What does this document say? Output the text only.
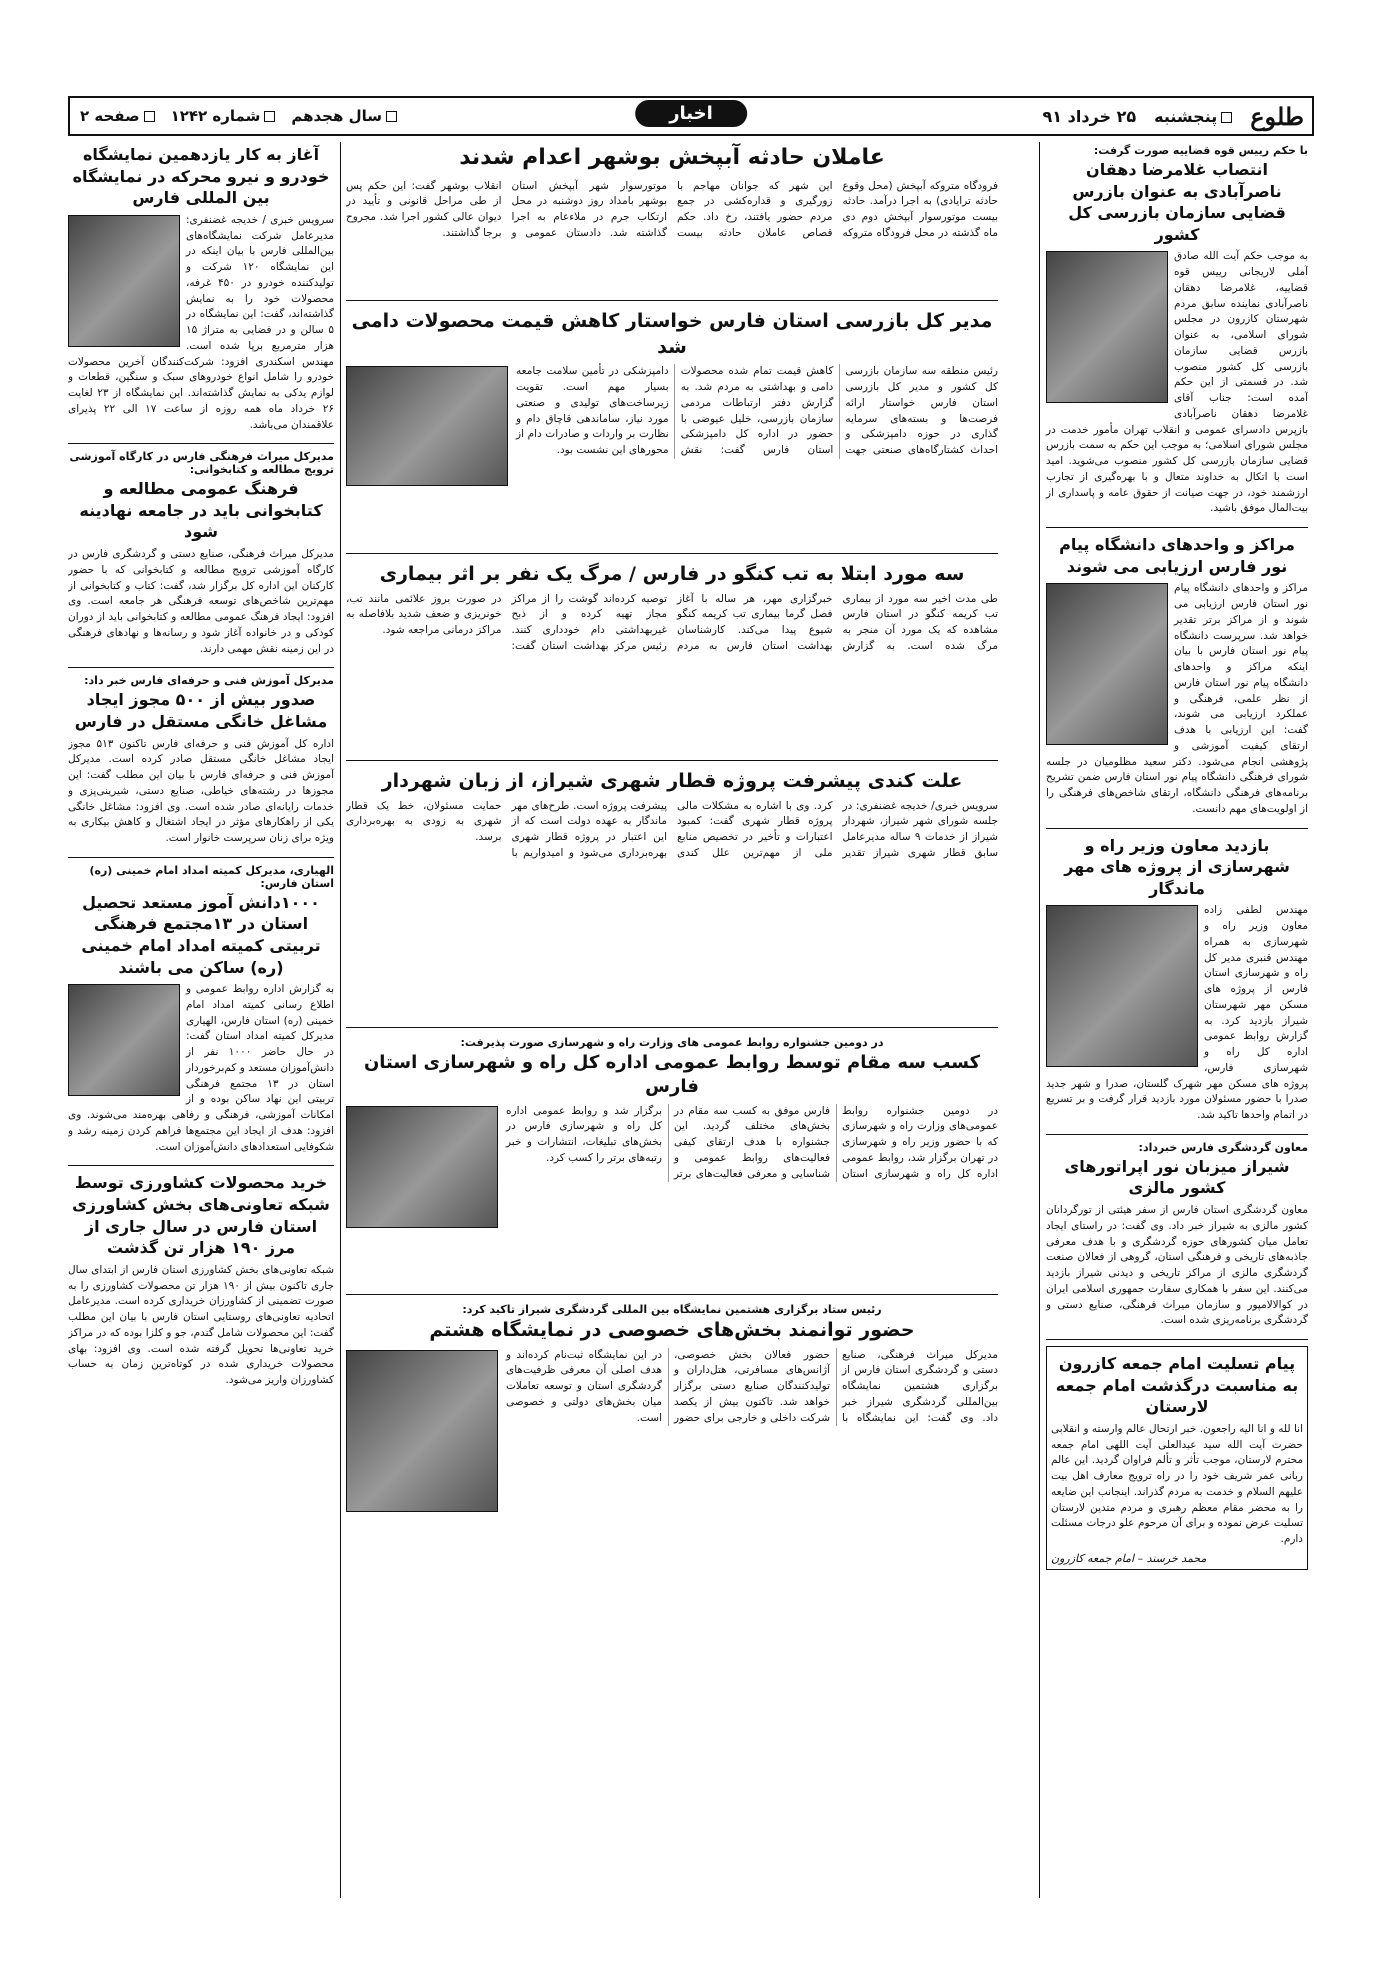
طلوع
پنجشنبه
۲۵ خرداد ۹۱
اخبار
سال هجدهم
شماره ۱۲۴۲
صفحه ۲
با حکم رییس قوه قضاییه صورت گرفت:
انتصاب غلامرضا دهقان ناصرآبادی به عنوان بازرس قضایی سازمان بازرسی کل کشور
به موجب حکم آیت الله صادق آملی لاریجانی رییس قوه قضاییه، غلامرضا دهقان ناصرآبادی نماینده سابق مردم شهرستان کازرون در مجلس شورای اسلامی، به عنوان بازرس قضایی سازمان بازرسی کل کشور منصوب شد. در قسمتی از این حکم آمده است: جناب آقای غلامرضا دهقان ناصرآبادی بازپرس دادسرای عمومی و انقلاب تهران مأمور خدمت در مجلس شورای اسلامی؛ به موجب این حکم به سمت بازرس قضایی سازمان بازرسی کل کشور منصوب می‌شوید. امید است با اتکال به خداوند متعال و با بهره‌گیری از تجارب ارزشمند خود، در جهت صیانت از حقوق عامه و پاسداری از بیت‌المال موفق باشید.
مراکز و واحدهای دانشگاه پیام نور فارس ارزیابی می شوند
مراکز و واحدهای دانشگاه پیام نور استان فارس ارزیابی می شوند و از مراکز برتر تقدیر خواهد شد. سرپرست دانشگاه پیام نور استان فارس با بیان اینکه مراکز و واحدهای دانشگاه پیام نور استان فارس از نظر علمی، فرهنگی و عملکرد ارزیابی می شوند، گفت: این ارزیابی با هدف ارتقای کیفیت آموزشی و پژوهشی انجام می‌شود. دکتر سعید مظلومیان در جلسه شورای فرهنگی دانشگاه پیام نور استان فارس ضمن تشریح برنامه‌های فرهنگی دانشگاه، ارتقای شاخص‌های فرهنگی را از اولویت‌های مهم دانست.
بازدید معاون وزیر راه و شهرسازی از پروژه های مهر ماندگار
مهندس لطفی زاده معاون وزیر راه و شهرسازی به همراه مهندس قنبری مدیر کل راه و شهرسازی استان فارس از پروژه های مسکن مهر شهرستان شیراز بازدید کرد. به گزارش روابط عمومی اداره کل راه و شهرسازی فارس، پروژه های مسکن مهر شهرک گلستان، صدرا و شهر جدید صدرا با حضور مسئولان مورد بازدید قرار گرفت و بر تسریع در اتمام واحدها تاکید شد.
معاون گردشگری فارس خبرداد:
شیراز میزبان نور اپراتورهای کشور مالزی
معاون گردشگری استان فارس از سفر هیئتی از تورگردانان کشور مالزی به شیراز خبر داد. وی گفت: در راستای ایجاد تعامل میان کشورهای حوزه گردشگری و با هدف معرفی جاذبه‌های تاریخی و فرهنگی استان، گروهی از فعالان صنعت گردشگری مالزی از مراکز تاریخی و دیدنی شیراز بازدید می‌کنند. این سفر با همکاری سفارت جمهوری اسلامی ایران در کوالالامپور و سازمان میراث فرهنگی، صنایع دستی و گردشگری برنامه‌ریزی شده است.
پیام تسلیت امام جمعه کازرون به مناسبت درگذشت امام جمعه لارستان
انا لله و انا الیه راجعون. خبر ارتحال عالم وارسته و انقلابی حضرت آیت الله سید عبدالعلی آیت اللهی امام جمعه محترم لارستان، موجب تأثر و تألم فراوان گردید. این عالم ربانی عمر شریف خود را در راه ترویج معارف اهل بیت علیهم السلام و خدمت به مردم گذراند. اینجانب این ضایعه را به محضر مقام معظم رهبری و مردم متدین لارستان تسلیت عرض نموده و برای آن مرحوم علو درجات مسئلت دارم.
محمد خرسند – امام جمعه کازرون
عاملان حادثه آبپخش بوشهر اعدام شدند
فرودگاه متروکه آبپخش (محل وقوع حادثه ترایادی) به اجرا درآمد. حادثه بیست موتورسوار آبپخش دوم دی ماه گذشته در محل فرودگاه متروکه این شهر که جوانان مهاجم با زورگیری و قداره‌کشی در جمع مردم حضور یافتند، رخ داد. حکم قصاص عاملان حادثه بیست موتورسوار شهر آبپخش استان بوشهر بامداد روز دوشنبه در محل ارتکاب جرم در ملاءعام به اجرا گذاشته شد. دادستان عمومی و انقلاب بوشهر گفت: این حکم پس از طی مراحل قانونی و تأیید در دیوان عالی کشور اجرا شد. مجروح برجا گذاشتند.
مدیر کل بازرسی استان فارس خواستار کاهش قیمت محصولات دامی شد
رئیس منطقه سه سازمان بازرسی کل کشور و مدیر کل بازرسی استان فارس خواستار ارائه فرصت‌ها و بسته‌های سرمایه گذاری در حوزه دامپزشکی و احداث کشتارگاه‌های صنعتی جهت کاهش قیمت تمام شده محصولات دامی و بهداشتی به مردم شد. به گزارش دفتر ارتباطات مردمی سازمان بازرسی، خلیل عیوضی با حضور در اداره کل دامپزشکی استان فارس گفت: نقش دامپزشکی در تأمین سلامت جامعه بسیار مهم است. تقویت زیرساخت‌های تولیدی و صنعتی مورد نیاز، ساماندهی قاچاق دام و نظارت بر واردات و صادرات دام از محورهای این نشست بود.
سه مورد ابتلا به تب کنگو در فارس / مرگ یک نفر بر اثر بیماری
طی مدت اخیر سه مورد از بیماری تب کریمه کنگو در استان فارس مشاهده که یک مورد آن منجر به مرگ شده است. به گزارش خبرگزاری مهر، هر ساله با آغاز فصل گرما بیماری تب کریمه کنگو شیوع پیدا می‌کند. کارشناسان بهداشت استان فارس به مردم توصیه کرده‌اند گوشت را از مراکز مجاز تهیه کرده و از ذبح غیربهداشتی دام خودداری کنند. رئیس مرکز بهداشت استان گفت: در صورت بروز علائمی مانند تب، خونریزی و ضعف شدید بلافاصله به مراکز درمانی مراجعه شود.
علت کندی پیشرفت پروژه قطار شهری شیراز، از زبان شهردار
سرویس خبری/ خدیجه غضنفری: در جلسه شورای شهر شیراز، شهردار شیراز از خدمات ۹ ساله مدیرعامل سابق قطار شهری شیراز تقدیر کرد. وی با اشاره به مشکلات مالی پروژه قطار شهری گفت: کمبود اعتبارات و تأخیر در تخصیص منابع ملی از مهم‌ترین علل کندی پیشرفت پروژه است. طرح‌های مهر ماندگار به عهده دولت است که از این اعتبار در پروژه قطار شهری بهره‌برداری می‌شود و امیدواریم با حمایت مسئولان، خط یک قطار شهری به زودی به بهره‌برداری برسد.
در دومین جشنواره روابط عمومی های وزارت راه و شهرسازی صورت پذیرفت:
کسب سه مقام توسط روابط عمومی اداره کل راه و شهرسازی استان فارس
در دومین جشنواره روابط عمومی‌های وزارت راه و شهرسازی که با حضور وزیر راه و شهرسازی در تهران برگزار شد، روابط عمومی اداره کل راه و شهرسازی استان فارس موفق به کسب سه مقام در بخش‌های مختلف گردید. این جشنواره با هدف ارتقای کیفی فعالیت‌های روابط عمومی و شناسایی و معرفی فعالیت‌های برتر برگزار شد و روابط عمومی اداره کل راه و شهرسازی فارس در بخش‌های تبلیغات، انتشارات و خبر رتبه‌های برتر را کسب کرد.
رئیس ستاد برگزاری هشتمین نمایشگاه بین المللی گردشگری شیراز تاکید کرد:
حضور توانمند بخش‌های خصوصی در نمایشگاه هشتم
مدیرکل میراث فرهنگی، صنایع دستی و گردشگری استان فارس از برگزاری هشتمین نمایشگاه بین‌المللی گردشگری شیراز خبر داد. وی گفت: این نمایشگاه با حضور فعالان بخش خصوصی، آژانس‌های مسافرتی، هتل‌داران و تولیدکنندگان صنایع دستی برگزار خواهد شد. تاکنون بیش از یکصد شرکت داخلی و خارجی برای حضور در این نمایشگاه ثبت‌نام کرده‌اند و هدف اصلی آن معرفی ظرفیت‌های گردشگری استان و توسعه تعاملات میان بخش‌های دولتی و خصوصی است.
آغاز به کار یازدهمین نمایشگاه خودرو و نیرو محرکه در نمایشگاه بین المللی فارس
سرویس خبری / خدیجه غضنفری: مدیرعامل شرکت نمایشگاه‌های بین‌المللی فارس با بیان اینکه در این نمایشگاه ۱۲۰ شرکت و تولیدکننده خودرو در ۴۵۰ غرفه، محصولات خود را به نمایش گذاشته‌اند، گفت: این نمایشگاه در ۵ سالن و در فضایی به متراژ ۱۵ هزار مترمربع برپا شده است. مهندس اسکندری افزود: شرکت‌کنندگان آخرین محصولات خودرو را شامل انواع خودروهای سبک و سنگین، قطعات و لوازم یدکی به نمایش گذاشته‌اند. این نمایشگاه از ۲۳ لغایت ۲۶ خرداد ماه همه روزه از ساعت ۱۷ الی ۲۲ پذیرای علاقمندان می‌باشد.
مدیرکل میراث فرهنگی فارس در کارگاه آموزشی ترویج مطالعه و کتابخوانی:
فرهنگ عمومی مطالعه و کتابخوانی باید در جامعه نهادینه شود
مدیرکل میراث فرهنگی، صنایع دستی و گردشگری فارس در کارگاه آموزشی ترویج مطالعه و کتابخوانی که با حضور کارکنان این اداره کل برگزار شد، گفت: کتاب و کتابخوانی از مهم‌ترین شاخص‌های توسعه فرهنگی هر جامعه است. وی افزود: ایجاد فرهنگ عمومی مطالعه و کتابخوانی باید از دوران کودکی و در خانواده آغاز شود و رسانه‌ها و نهادهای فرهنگی در این زمینه نقش مهمی دارند.
مدیرکل آموزش فنی و حرفه‌ای فارس خبر داد:
صدور بیش از ۵۰۰ مجوز ایجاد مشاغل خانگی مستقل در فارس
اداره کل آموزش فنی و حرفه‌ای فارس تاکنون ۵۱۳ مجوز ایجاد مشاغل خانگی مستقل صادر کرده است. مدیرکل آموزش فنی و حرفه‌ای فارس با بیان این مطلب گفت: این مجوزها در رشته‌های خیاطی، صنایع دستی، شیرینی‌پزی و خدمات رایانه‌ای صادر شده است. وی افزود: مشاغل خانگی یکی از راهکارهای مؤثر در ایجاد اشتغال و کاهش بیکاری به ویژه برای زنان سرپرست خانوار است.
الهیاری، مدیرکل کمیته امداد امام خمینی (ره) استان فارس:
۱۰۰۰دانش آموز مستعد تحصیل استان در ۱۳مجتمع فرهنگی تربیتی کمیته امداد امام خمینی (ره) ساکن می باشند
به گزارش اداره روابط عمومی و اطلاع رسانی کمیته امداد امام خمینی (ره) استان فارس، الهیاری مدیرکل کمیته امداد استان گفت: در حال حاضر ۱۰۰۰ نفر از دانش‌آموزان مستعد و کم‌برخوردار استان در ۱۳ مجتمع فرهنگی تربیتی این نهاد ساکن بوده و از امکانات آموزشی، فرهنگی و رفاهی بهره‌مند می‌شوند. وی افزود: هدف از ایجاد این مجتمع‌ها فراهم کردن زمینه رشد و شکوفایی استعدادهای دانش‌آموزان است.
خرید محصولات کشاورزی توسط شبکه تعاونی‌های بخش کشاورزی استان فارس در سال جاری از مرز ۱۹۰ هزار تن گذشت
شبکه تعاونی‌های بخش کشاورزی استان فارس از ابتدای سال جاری تاکنون بیش از ۱۹۰ هزار تن محصولات کشاورزی را به صورت تضمینی از کشاورزان خریداری کرده است. مدیرعامل اتحادیه تعاونی‌های روستایی استان فارس با بیان این مطلب گفت: این محصولات شامل گندم، جو و کلزا بوده که در مراکز خرید تعاونی‌ها تحویل گرفته شده است. وی افزود: بهای محصولات خریداری شده در کوتاه‌ترین زمان به حساب کشاورزان واریز می‌شود.
